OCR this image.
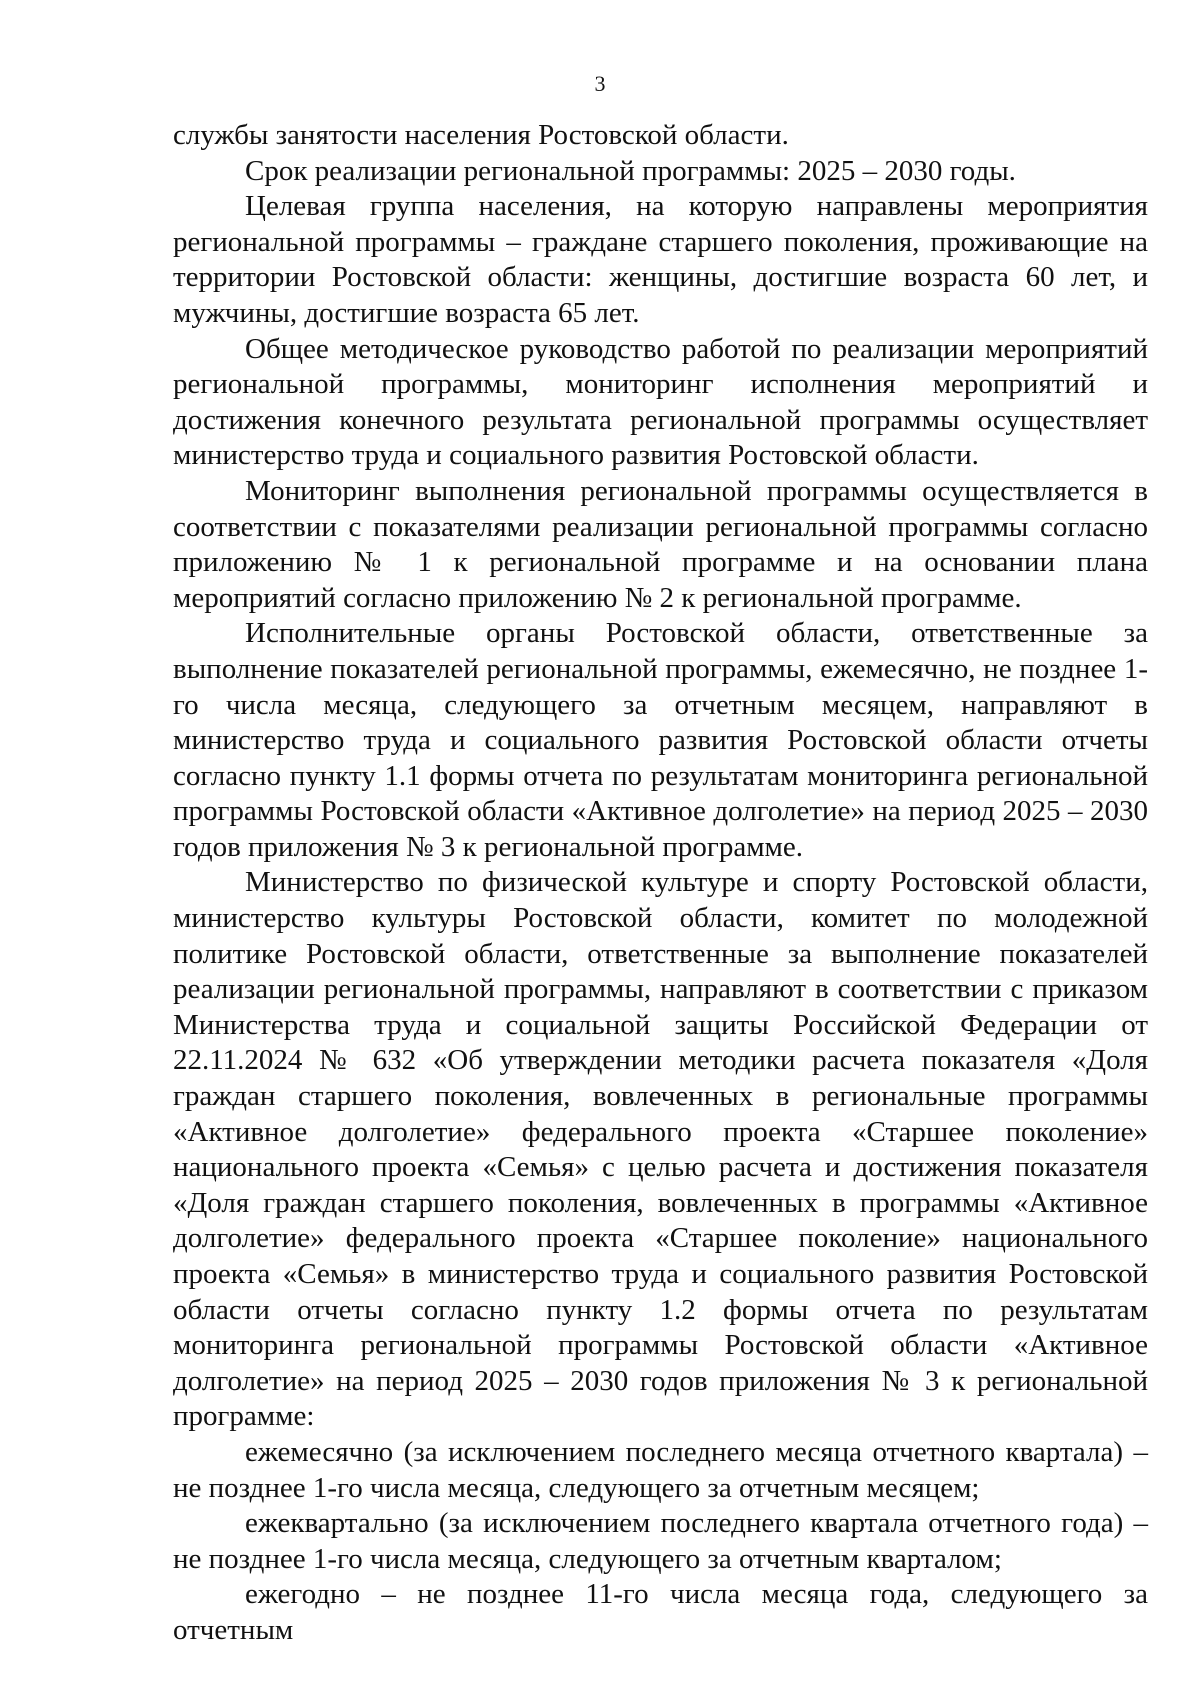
3

службы занятости населения Ростовской области.

Срок реализации региональной программы: 2025 – 2030 годы.

Целевая группа населения, на которую направлены мероприятия региональной программы – граждане старшего поколения, проживающие на территории Ростовской области: женщины, достигшие возраста 60 лет, и мужчины, достигшие возраста 65 лет.

Общее методическое руководство работой по реализации мероприятий региональной программы, мониторинг исполнения мероприятий и достижения конечного результата региональной программы осуществляет министерство труда и социального развития Ростовской области.

Мониторинг выполнения региональной программы осуществляется в соответствии с показателями реализации региональной программы согласно приложению № 1 к региональной программе и на основании плана мероприятий согласно приложению № 2 к региональной программе.

Исполнительные органы Ростовской области, ответственные за выполнение показателей региональной программы, ежемесячно, не позднее 1-го числа месяца, следующего за отчетным месяцем, направляют в министерство труда и социального развития Ростовской области отчеты согласно пункту 1.1 формы отчета по результатам мониторинга региональной программы Ростовской области «Активное долголетие» на период 2025 – 2030 годов приложения № 3 к региональной программе.

Министерство по физической культуре и спорту Ростовской области, министерство культуры Ростовской области, комитет по молодежной политике Ростовской области, ответственные за выполнение показателей реализации региональной программы, направляют в соответствии с приказом Министерства труда и социальной защиты Российской Федерации от 22.11.2024 № 632 «Об утверждении методики расчета показателя «Доля граждан старшего поколения, вовлеченных в региональные программы «Активное долголетие» федерального проекта «Старшее поколение» национального проекта «Семья» с целью расчета и достижения показателя «Доля граждан старшего поколения, вовлеченных в программы «Активное долголетие» федерального проекта «Старшее поколение» национального проекта «Семья» в министерство труда и социального развития Ростовской области отчеты согласно пункту 1.2 формы отчета по результатам мониторинга региональной программы Ростовской области «Активное долголетие» на период 2025 – 2030 годов приложения № 3 к региональной программе:

ежемесячно (за исключением последнего месяца отчетного квартала) – не позднее 1-го числа месяца, следующего за отчетным месяцем;

ежеквартально (за исключением последнего квартала отчетного года) – не позднее 1-го числа месяца, следующего за отчетным кварталом;

ежегодно – не позднее 11-го числа месяца года, следующего за отчетным
